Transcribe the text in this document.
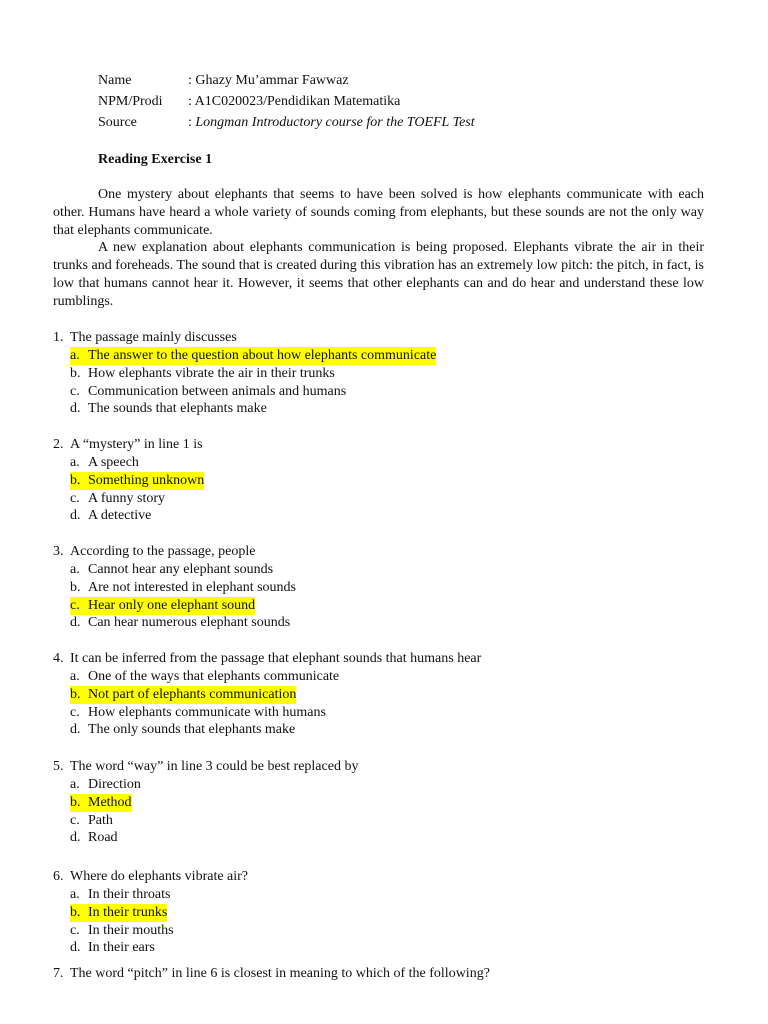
Name	: Ghazy Mu’ammar Fawwaz
NPM/Prodi	: A1C020023/Pendidikan Matematika
Source	: Longman Introductory course for the TOEFL Test
Reading Exercise 1
One mystery about elephants that seems to have been solved is how elephants communicate with each other. Humans have heard a whole variety of sounds coming from elephants, but these sounds are not the only way that elephants communicate.
A new explanation about elephants communication is being proposed. Elephants vibrate the air in their trunks and foreheads. The sound that is created during this vibration has an extremely low pitch: the pitch, in fact, is low that humans cannot hear it. However, it seems that other elephants can and do hear and understand these low rumblings.
1. The passage mainly discusses
a. The answer to the question about how elephants communicate
b. How elephants vibrate the air in their trunks
c. Communication between animals and humans
d. The sounds that elephants make
2. A “mystery” in line 1 is
a. A speech
b. Something unknown
c. A funny story
d. A detective
3. According to the passage, people
a. Cannot hear any elephant sounds
b. Are not interested in elephant sounds
c. Hear only one elephant sound
d. Can hear numerous elephant sounds
4. It can be inferred from the passage that elephant sounds that humans hear
a. One of the ways that elephants communicate
b. Not part of elephants communication
c. How elephants communicate with humans
d. The only sounds that elephants make
5. The word “way” in line 3 could be best replaced by
a. Direction
b. Method
c. Path
d. Road
6. Where do elephants vibrate air?
a. In their throats
b. In their trunks
c. In their mouths
d. In their ears
7. The word “pitch” in line 6 is closest in meaning to which of the following?
